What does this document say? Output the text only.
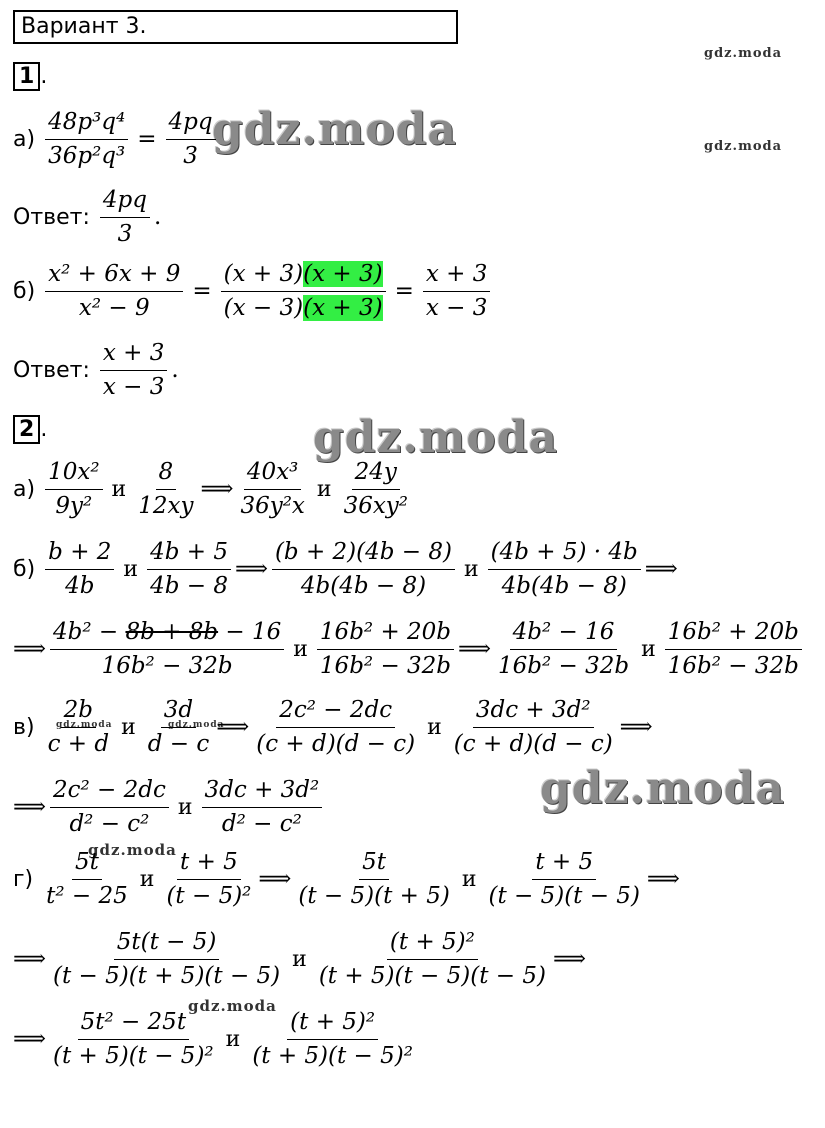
Вариант 3.
gdz.moda
gdz.moda
gdz.moda
gdz.moda
gdz.moda
gdz.moda
gdz.moda
gdz.moda	gdz.moda
1 .
$а) \frac{\text{48p³q⁴}}{\text{36p²q³}} = \frac{4pq}{3}$
Ответ: $\frac{4pq}{3}$ .
$б) \frac{\text{x² + 6x + 9}}{\text{x² − 9}} = \frac{(x + 3)(x + 3)}{(x - 3)(x + 3)} = \frac{x + 3}{x - 3}$
Ответ: $\frac{x + 3}{x - 3}$ .
2 .
$а) \frac{\text{10x²}}{\text{9y²}}$ и $\frac{8}{12xy}$ ⟹ $\frac{\text{40x³}}{\text{36y²x}}$ и $\frac{24y}{\text{36xy²}}$
$б) \frac{b + 2}{4b}$ и $\frac{4b + 5}{4b - 8}$ ⟹ $\frac{(b + 2)(4b - 8)}{4b(4b - 8)}$ и $\frac{(4b + 5) \cdot 4b}{4b(4b - 8)}$ ⟹
⟹ $\frac{\text{4b² − 8b + 8b − 16}}{\text{16b² − 32b}}$ и $\frac{\text{16b² + 20b}}{\text{16b² − 32b}}$ ⟹ $\frac{\text{4b² − 16}}{\text{16b² − 32b}}$ и $\frac{\text{16b² + 20b}}{\text{16b² − 32b}}$
$в) \frac{2b}{c + d}$ и $\frac{3d}{d - c}$ ⟹ $\frac{\text{2c² − 2dc}}{(c + d)(d - c)}$ и $\frac{\text{3dc + 3d²}}{(c + d)(d - c)}$ ⟹
⟹ $\frac{\text{2c² − 2dc}}{\text{d² − c²}}$ и $\frac{\text{3dc + 3d²}}{\text{d² − c²}}$
$г) \frac{5t}{\text{t² − 25}}$ и $\frac{t + 5}{\text{(t − 5)²}}$ ⟹ $\frac{5t}{(t - 5)(t + 5)}$ и $\frac{t + 5}{(t - 5)(t - 5)}$ ⟹
⟹ $\frac{5t(t - 5)}{(t - 5)(t + 5)(t - 5)}$ и $\frac{\text{(t + 5)²}}{(t + 5)(t - 5)(t - 5)}$ ⟹
⟹ $\frac{\text{5t² − 25t}}{\text{(t + 5)(t − 5)²}}$ и $\frac{\text{(t + 5)²}}{\text{(t + 5)(t − 5)²}}$
